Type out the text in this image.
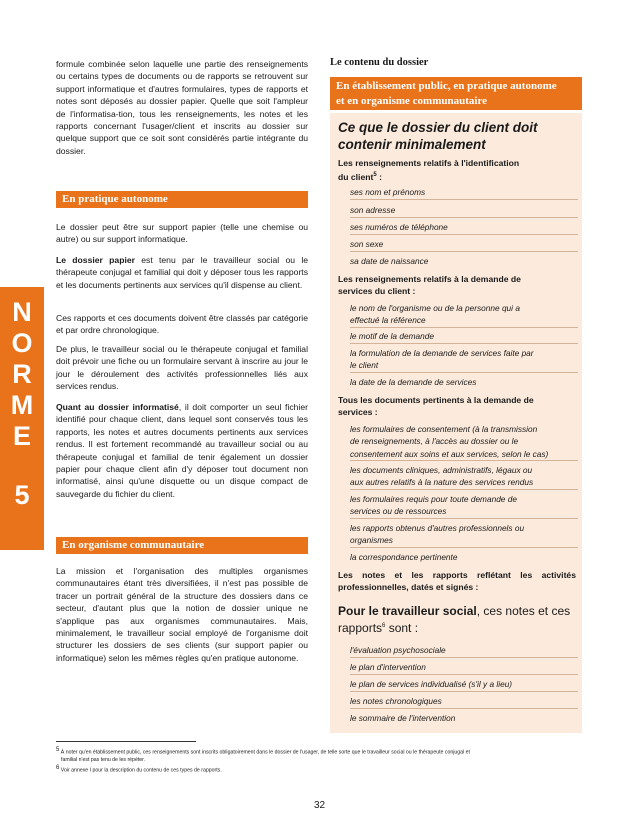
formule combinée selon laquelle une partie des renseignements ou certains types de documents ou de rapports se retrouvent sur support informatique et d'autres formulaires, types de rapports et notes sont déposés au dossier papier. Quelle que soit l'ampleur de l'informatisa-tion, tous les renseignements, les notes et les rapports concernant l'usager/client et inscrits au dossier sur quelque support que ce soit sont considérés partie intégrante du dossier.

En pratique autonome

Le dossier peut être sur support papier (telle une chemise ou autre) ou sur support informatique.

Le dossier papier est tenu par le travailleur social ou le thérapeute conjugal et familial qui doit y déposer tous les rapports et les documents pertinents aux services qu'il dispense au client.

Ces rapports et ces documents doivent être classés par catégorie et par ordre chronologique.

De plus, le travailleur social ou le thérapeute conjugal et familial doit prévoir une fiche ou un formulaire servant à inscrire au jour le jour le déroulement des activités professionnelles liés aux services rendus.

Quant au dossier informatisé, il doit comporter un seul fichier identifié pour chaque client, dans lequel sont conservés tous les rapports, les notes et autres documents pertinents aux services rendus. Il est fortement recommandé au travailleur social ou au thérapeute conjugal et familial de tenir également un dossier papier pour chaque client afin d'y déposer tout document non informatisé, ainsi qu'une disquette ou un disque compact de sauvegarde du fichier du client.

En organisme communautaire

La mission et l'organisation des multiples organismes communautaires étant très diversifiées, il n'est pas possible de tracer un portrait général de la structure des dossiers dans ce secteur, d'autant plus que la notion de dossier unique ne s'applique pas aux organismes communautaires. Mais, minimalement, le travailleur social employé de l'organisme doit structurer les dossiers de ses clients (sur support papier ou informatique) selon les mêmes règles qu'en pratique autonome.

N
O
R
M
E
5
Le contenu du dossier
En établissement public, en pratique autonome
et en organisme communautaire
Ce que le dossier du client doit
contenir minimalement
Les renseignements relatifs à l'identification
du client$^5$ :
ses nom et prénoms
son adresse
ses numéros de téléphone
son sexe
sa date de naissance
Les renseignements relatifs à la demande de
services du client :
le nom de l'organisme ou de la personne qui a
effectué la référence
le motif de la demande
la formulation de la demande de services faite par
le client
la date de la demande de services
Tous les documents pertinents à la demande de
services :
les formulaires de consentement (à la transmission
de renseignements, à l'accès au dossier ou le
consentement aux soins et aux services, selon le cas)
les documents cliniques, administratifs, légaux ou
aux autres relatifs à la nature des services rendus
les formulaires requis pour toute demande de
services ou de ressources
les rapports obtenus d'autres professionnels ou
organismes
la correspondance pertinente
Les notes et les rapports reflétant les activités
professionnelles, datés et signés :
Pour le travailleur social, ces notes et ces
rapports$^6$ sont :
l'évaluation psychosociale
le plan d'intervention
le plan de services individualisé (s'il y a lieu)
les notes chronologiques
le sommaire de l'intervention
$^5$ À noter qu'en établissement public, ces renseignements sont inscrits obligatoirement dans le dossier de l'usager, de telle sorte que le travailleur social ou le thérapeute conjugal et
familial n'est pas tenu de les répéter.
$^6$ Voir annexe I pour la description du contenu de ces types de rapports.
32
